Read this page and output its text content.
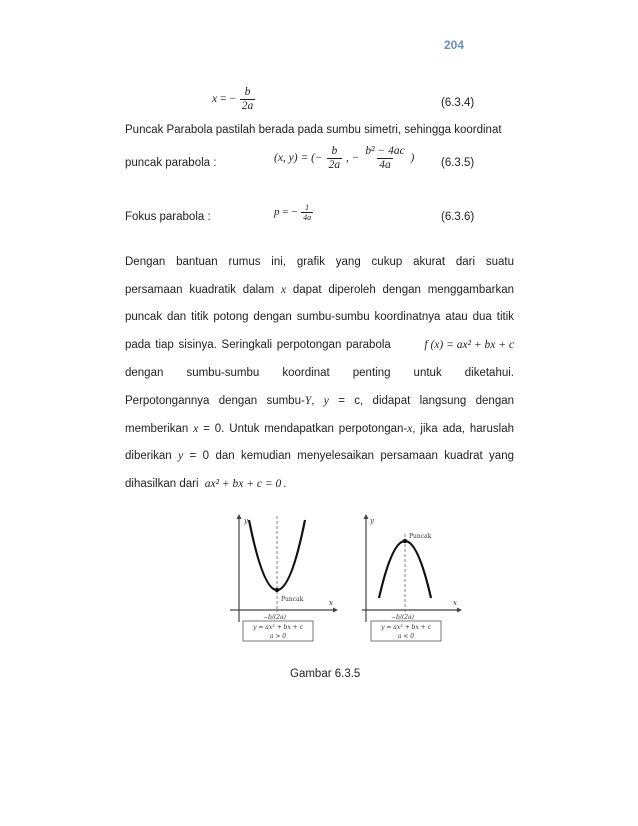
204
x = − $\frac{b}{2a}$	(6.3.4)
Puncak Parabola pastilah berada pada sumbu simetri, sehingga koordinat
puncak parabola :	(x, y) = (− $\frac{b}{2a}$ , − $\frac{\text{b² − 4ac}}{4a}$ ) (6.3.5)
Fokus parabola :	p = − $\frac{1}{4a}$	(6.3.6)
Dengan bantuan rumus ini, grafik yang cukup akurat dari suatu
persamaan kuadratik dalam x dapat diperoleh dengan menggambarkan
puncak dan titik potong dengan sumbu-sumbu koordinatnya atau dua titik
pada tiap sisinya. Seringkali perpotongan parabola	f (x) = ax² + bx + c
dengan sumbu-sumbu koordinat penting untuk diketahui.
Perpotongannya dengan sumbu-Y, y = c, didapat langsung dengan
memberikan x = 0. Untuk mendapatkan perpotongan-x, jika ada, haruslah
diberikan y = 0 dan kemudian menyelesaikan persamaan kuadrat yang
dihasilkan dari ax² + bx + c = 0 .
y
x
Puncak
−b/(2a)
y = ax² + bx + c
a > 0
y
x
Puncak
−b/(2a)
y = ax² + bx + c
a < 0
Gambar 6.3.5
